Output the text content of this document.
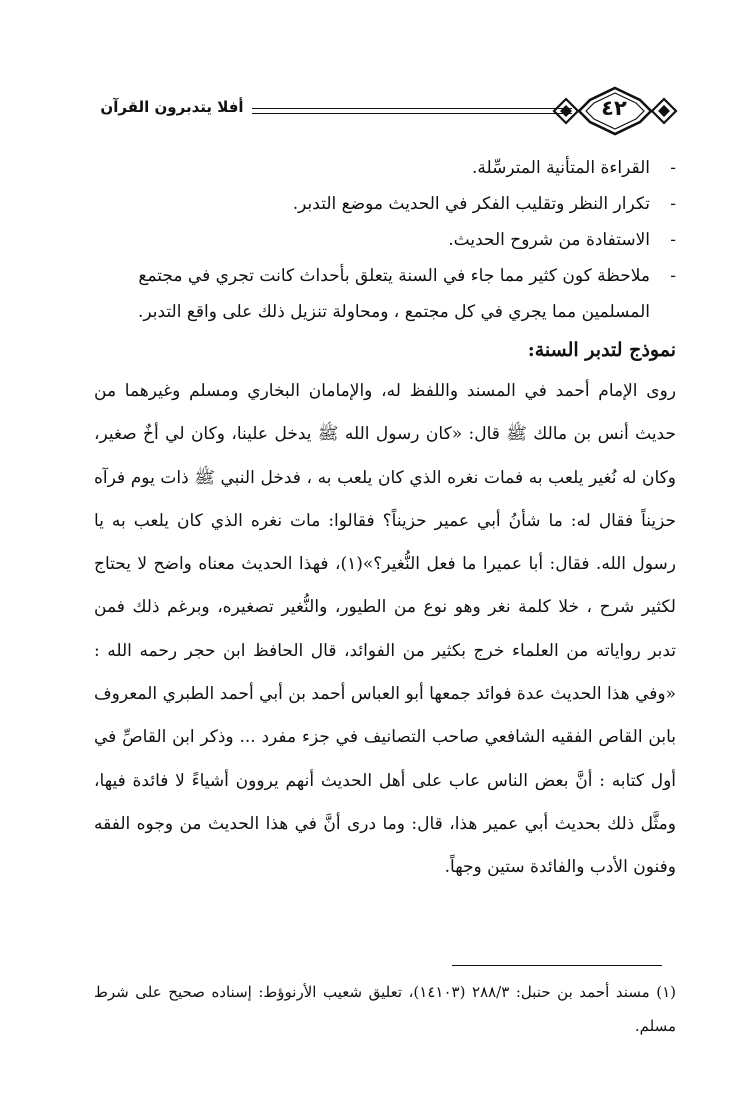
أفلا يتدبرون القرآن	٤٢
-
القراءة المتأنية المترسِّلة.
-
تكرار النظر وتقليب الفكر في الحديث موضع التدبر.
-
الاستفادة من شروح الحديث.
-
ملاحظة كون كثير مما جاء في السنة يتعلق بأحداث كانت تجري في مجتمع المسلمين مما يجري في كل مجتمع ، ومحاولة تنزيل ذلك على واقع التدبر.
نموذج لتدبر السنة:

روى الإمام أحمد في المسند واللفظ له، والإمامان البخاري ومسلم وغيرهما من حديث أنس بن مالك ﷺ قال: «كان رسول الله ﷺ يدخل علينا، وكان لي أخٌ صغير، وكان له نُغير يلعب به فمات نغره الذي كان يلعب به ، فدخل النبي ﷺ ذات يوم فرآه حزيناً فقال له: ما شأنُ أبي عمير حزيناً؟ فقالوا: مات نغره الذي كان يلعب به يا رسول الله. فقال: أبا عميرا ما فعل النُّغير؟»(١)، فهذا الحديث معناه واضح لا يحتاج لكثير شرح ، خلا كلمة نغر وهو نوع من الطيور، والنُّغير تصغيره، وبرغم ذلك فمن تدبر رواياته من العلماء خرج بكثير من الفوائد، قال الحافظ ابن حجر رحمه الله : «وفي هذا الحديث عدة فوائد جمعها أبو العباس أحمد بن أبي أحمد الطبري المعروف بابن القاص الفقيه الشافعي صاحب التصانيف في جزء مفرد ... وذكر ابن القاصِّ في أول كتابه : أنَّ بعض الناس عاب على أهل الحديث أنهم يروون أشياءً لا فائدة فيها، ومثَّل ذلك بحديث أبي عمير هذا، قال: وما درى أنَّ في هذا الحديث من وجوه الفقه وفنون الأدب والفائدة ستين وجهاً.

(١) مسند أحمد بن حنبل: ٢٨٨/٣ (١٤١٠٣)، تعليق شعيب الأرنوؤط: إسناده صحيح على شرط مسلم.
